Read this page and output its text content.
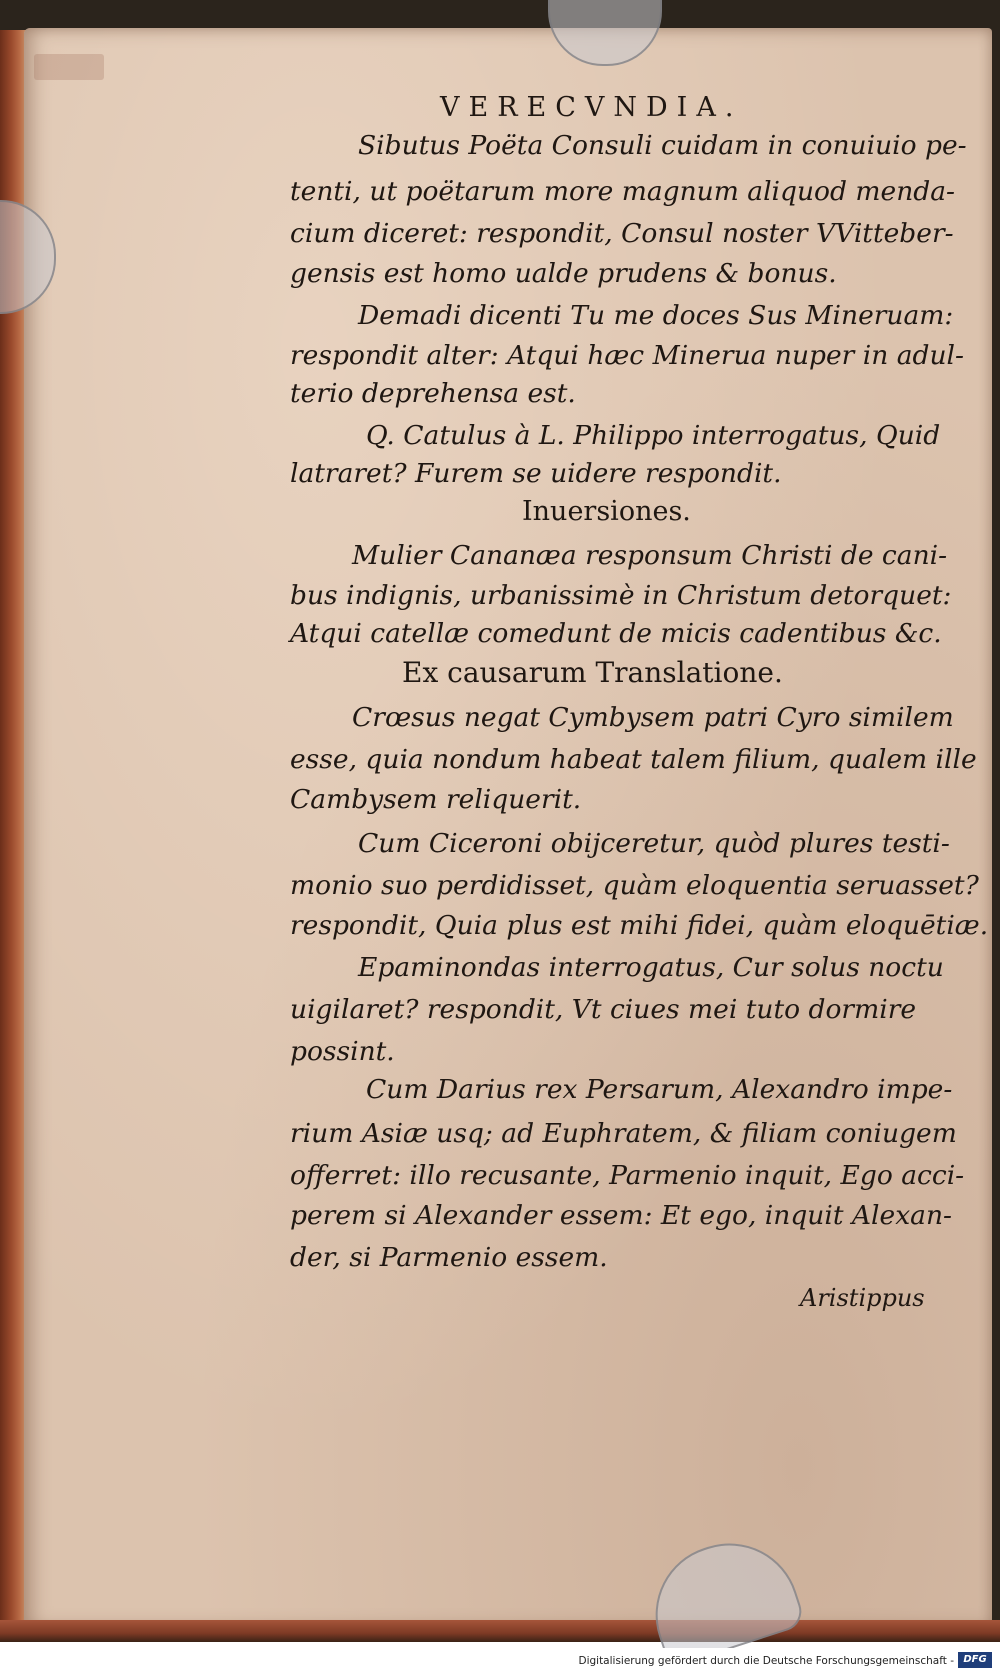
VERECVNDIA.
Sibutus Poëta Consuli cuidam in conuiuio pe-
tenti, ut poëtarum more magnum aliquod menda-
cium diceret: respondit, Consul noster VVitteber-
gensis est homo ualde prudens & bonus.
Demadi dicenti Tu me doces Sus Mineruam:
respondit alter: Atqui hæc Minerua nuper in adul-
terio deprehensa est.
Q. Catulus à L. Philippo interrogatus, Quid
latraret? Furem se uidere respondit.
Inuersiones.
Mulier Cananæa responsum Christi de cani-
bus indignis, urbanissimè in Christum detorquet:
Atqui catellæ comedunt de micis cadentibus &c.
Ex causarum Translatione.
Crœsus negat Cymbysem patri Cyro similem
esse, quia nondum habeat talem filium, qualem ille
Cambysem reliquerit.
Cum Ciceroni obijceretur, quòd plures testi-
monio suo perdidisset, quàm eloquentia seruasset?
respondit, Quia plus est mihi fidei, quàm eloquētiæ.
Epaminondas interrogatus, Cur solus noctu
uigilaret? respondit, Vt ciues mei tuto dormire
possint.
Cum Darius rex Persarum, Alexandro impe-
rium Asiæ usq; ad Euphratem, & filiam coniugem
offerret: illo recusante, Parmenio inquit, Ego acci-
perem si Alexander essem: Et ego, inquit Alexan-
der, si Parmenio essem.
Aristippus
Digitalisierung gefördert durch die Deutsche Forschungsgemeinschaft - DFG
